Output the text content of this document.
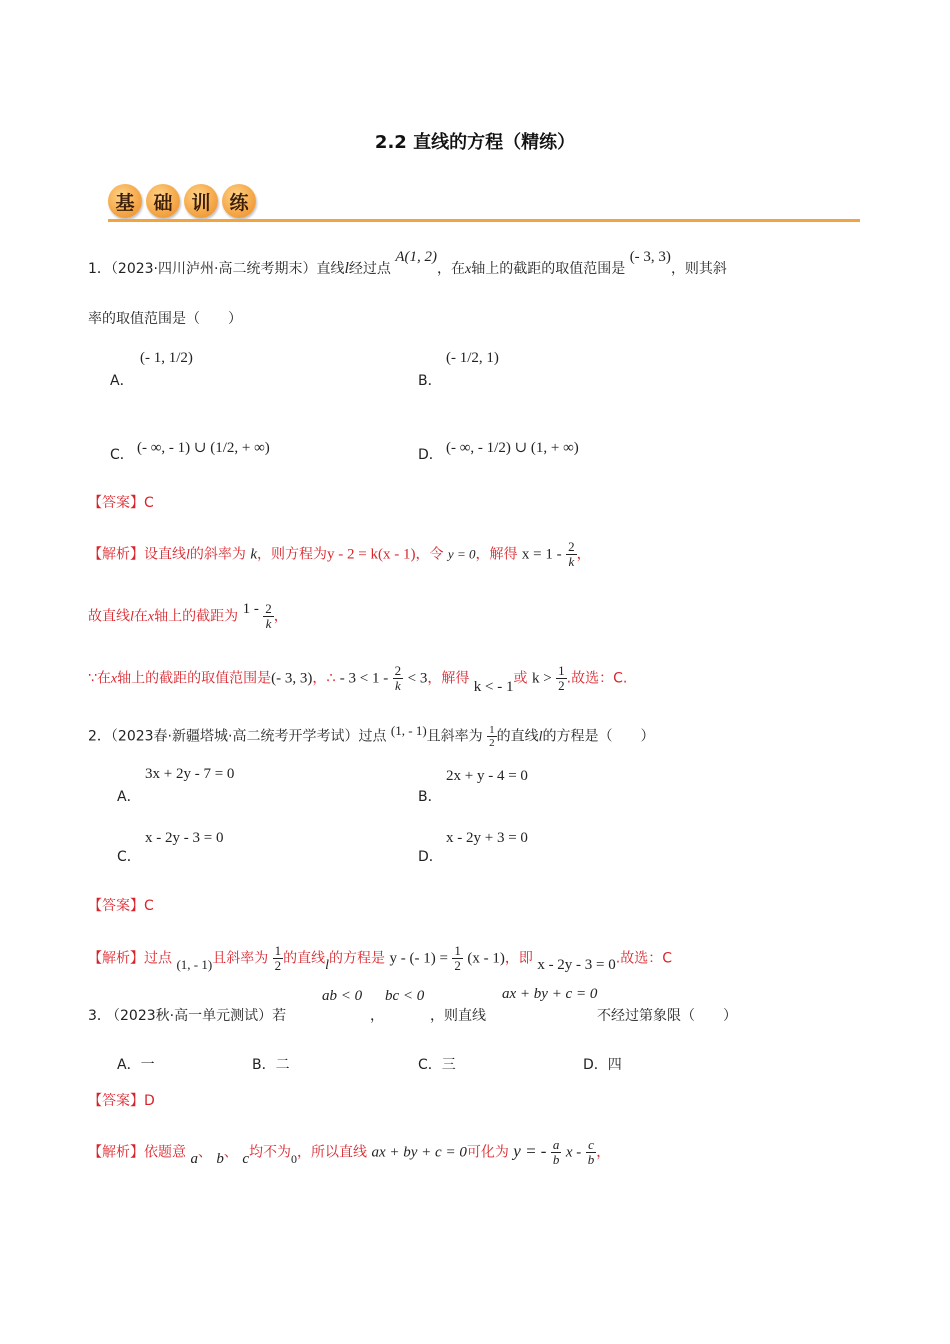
2.2 直线的方程（精练）
基 础 训 练
1．（2023·四川泸州·高二统考期末）直线l经过点 A(1, 2)，在x轴上的截距的取值范围是 (- 3, 3)，则其斜
率的取值范围是（　　）
A．
(- 1, 1/2)
B．
(- 1/2, 1)
C． (- ∞, - 1) ∪ (1/2, + ∞)	D． (- ∞, - 1/2) ∪ (1, + ∞)
【答案】C
【解析】设直线l的斜率为 k，则方程为y - 2 = k(x - 1)，令 y = 0，解得 $x = 1 - \frac{2}{k}$ ，
故直线l在x轴上的截距为 $1 - \frac{2}{k}$ ，
∵在x轴上的截距的取值范围是(- 3, 3)，∴ - $3 < 1 - \frac{2}{k} < 3$，解得 k < - 1或 $k > \frac{1}{2}$ .故选：C.
2．（2023春·新疆塔城·高二统考开学考试）过点 (1, - 1)且斜率为 $\frac{1}{2}$ 的直线l的方程是（　　）
A．
3x + 2y - 7 = 0
B．
2x + y - 4 = 0
C．
x - 2y - 3 = 0
D．
x - 2y + 3 = 0
【答案】C
【解析】过点 (1, - 1)且斜率为 $\frac{1}{2}$ 的直线l的方程是 y - (- $1) = \frac{1}{2} (x - 1)$，即 x - 2y - 3 = 0.故选：C
3．
（2023秋·高一单元测试）若
ab < 0
，
bc < 0
，则直线
ax + by + c = 0
不经过第象限（　　）
A．一	B．二	C．三	D．四
【答案】D
【解析】依题意 a、 b、 c均不为0，所以直线 ax + by + c = 0可化为 y = - $\frac{a}{b}$ x - $\frac{c}{b}$ ，
